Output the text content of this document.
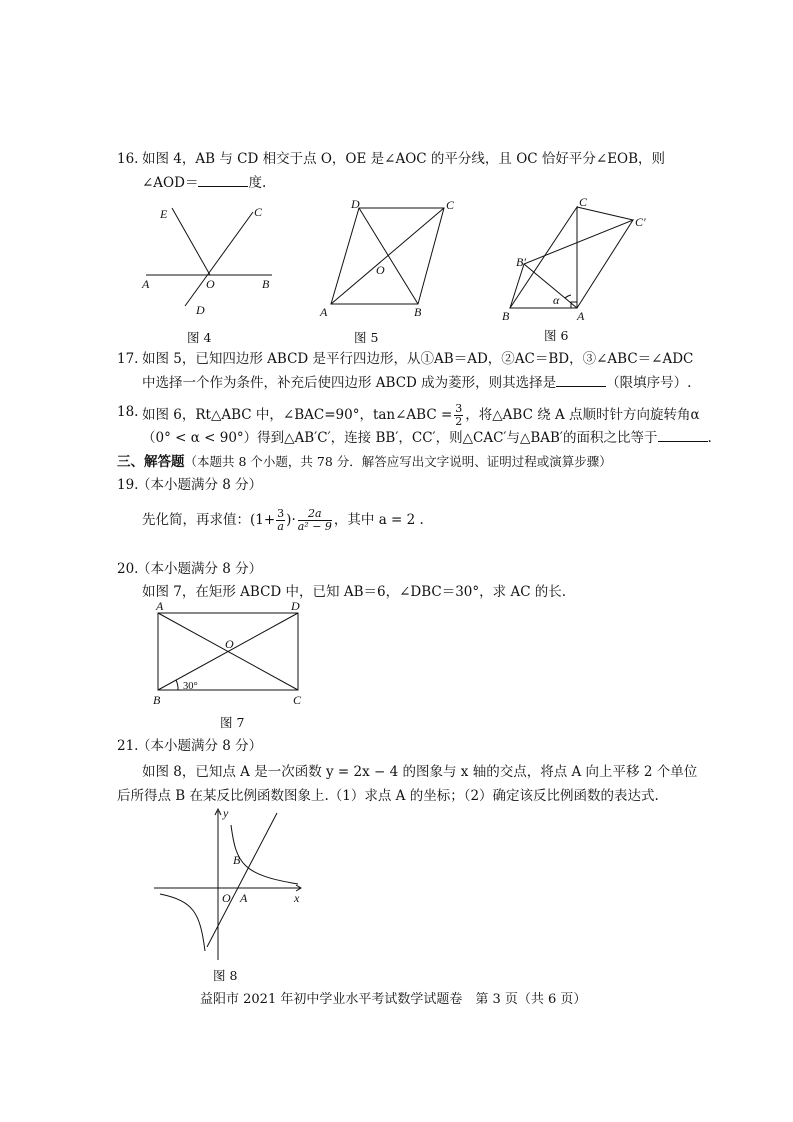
16. 如图 4，AB 与 CD 相交于点 O，OE 是∠AOC 的平分线，且 OC 恰好平分∠EOB，则
∠AOD＝	度.
E	C
A	O	B
D
图 4
D	C
O
A	B
图 5
C
C′
B′
α
B	A
图 6
17. 如图 5，已知四边形 ABCD 是平行四边形，从①AB＝AD，②AC＝BD，③∠ABC＝∠ADC
中选择一个作为条件，补充后使四边形 ABCD 成为菱形，则其选择是	（限填序号）.
18. 如图 6，Rt△ABC 中，∠BAC=90°，tan∠ABC = $\frac{3}{2}$ ，将△ABC 绕 A 点顺时针方向旋转角α
（0° < α < 90°）得到△AB′C′，连接 BB′，CC′，则△CAC′与△BAB′的面积之比等于	.
三、解答题（本题共 8 个小题，共 78 分．解答应写出文字说明、证明过程或演算步骤）
19.
（本小题满分 8 分）
先化简，再求值：($1+ \frac{3}{a}$ )· $\frac{2a}{\text{a² − 9}}$ ，其中 a = 2 .
20.
（本小题满分 8 分）
如图 7，在矩形 ABCD 中，已知 AB＝6，∠DBC＝30°，求 AC 的长.
A	D
O
30°
B	C
图 7
21.
（本小题满分 8 分）
如图 8，已知点 A 是一次函数 y = 2x − 4 的图象与 x 轴的交点，将点 A 向上平移 2 个单位
后所得点 B 在某反比例函数图象上.（1）求点 A 的坐标；（2）确定该反比例函数的表达式.
y
B
O A	x
图 8
益阳市 2021 年初中学业水平考试数学试题卷　第 3 页（共 6 页）
